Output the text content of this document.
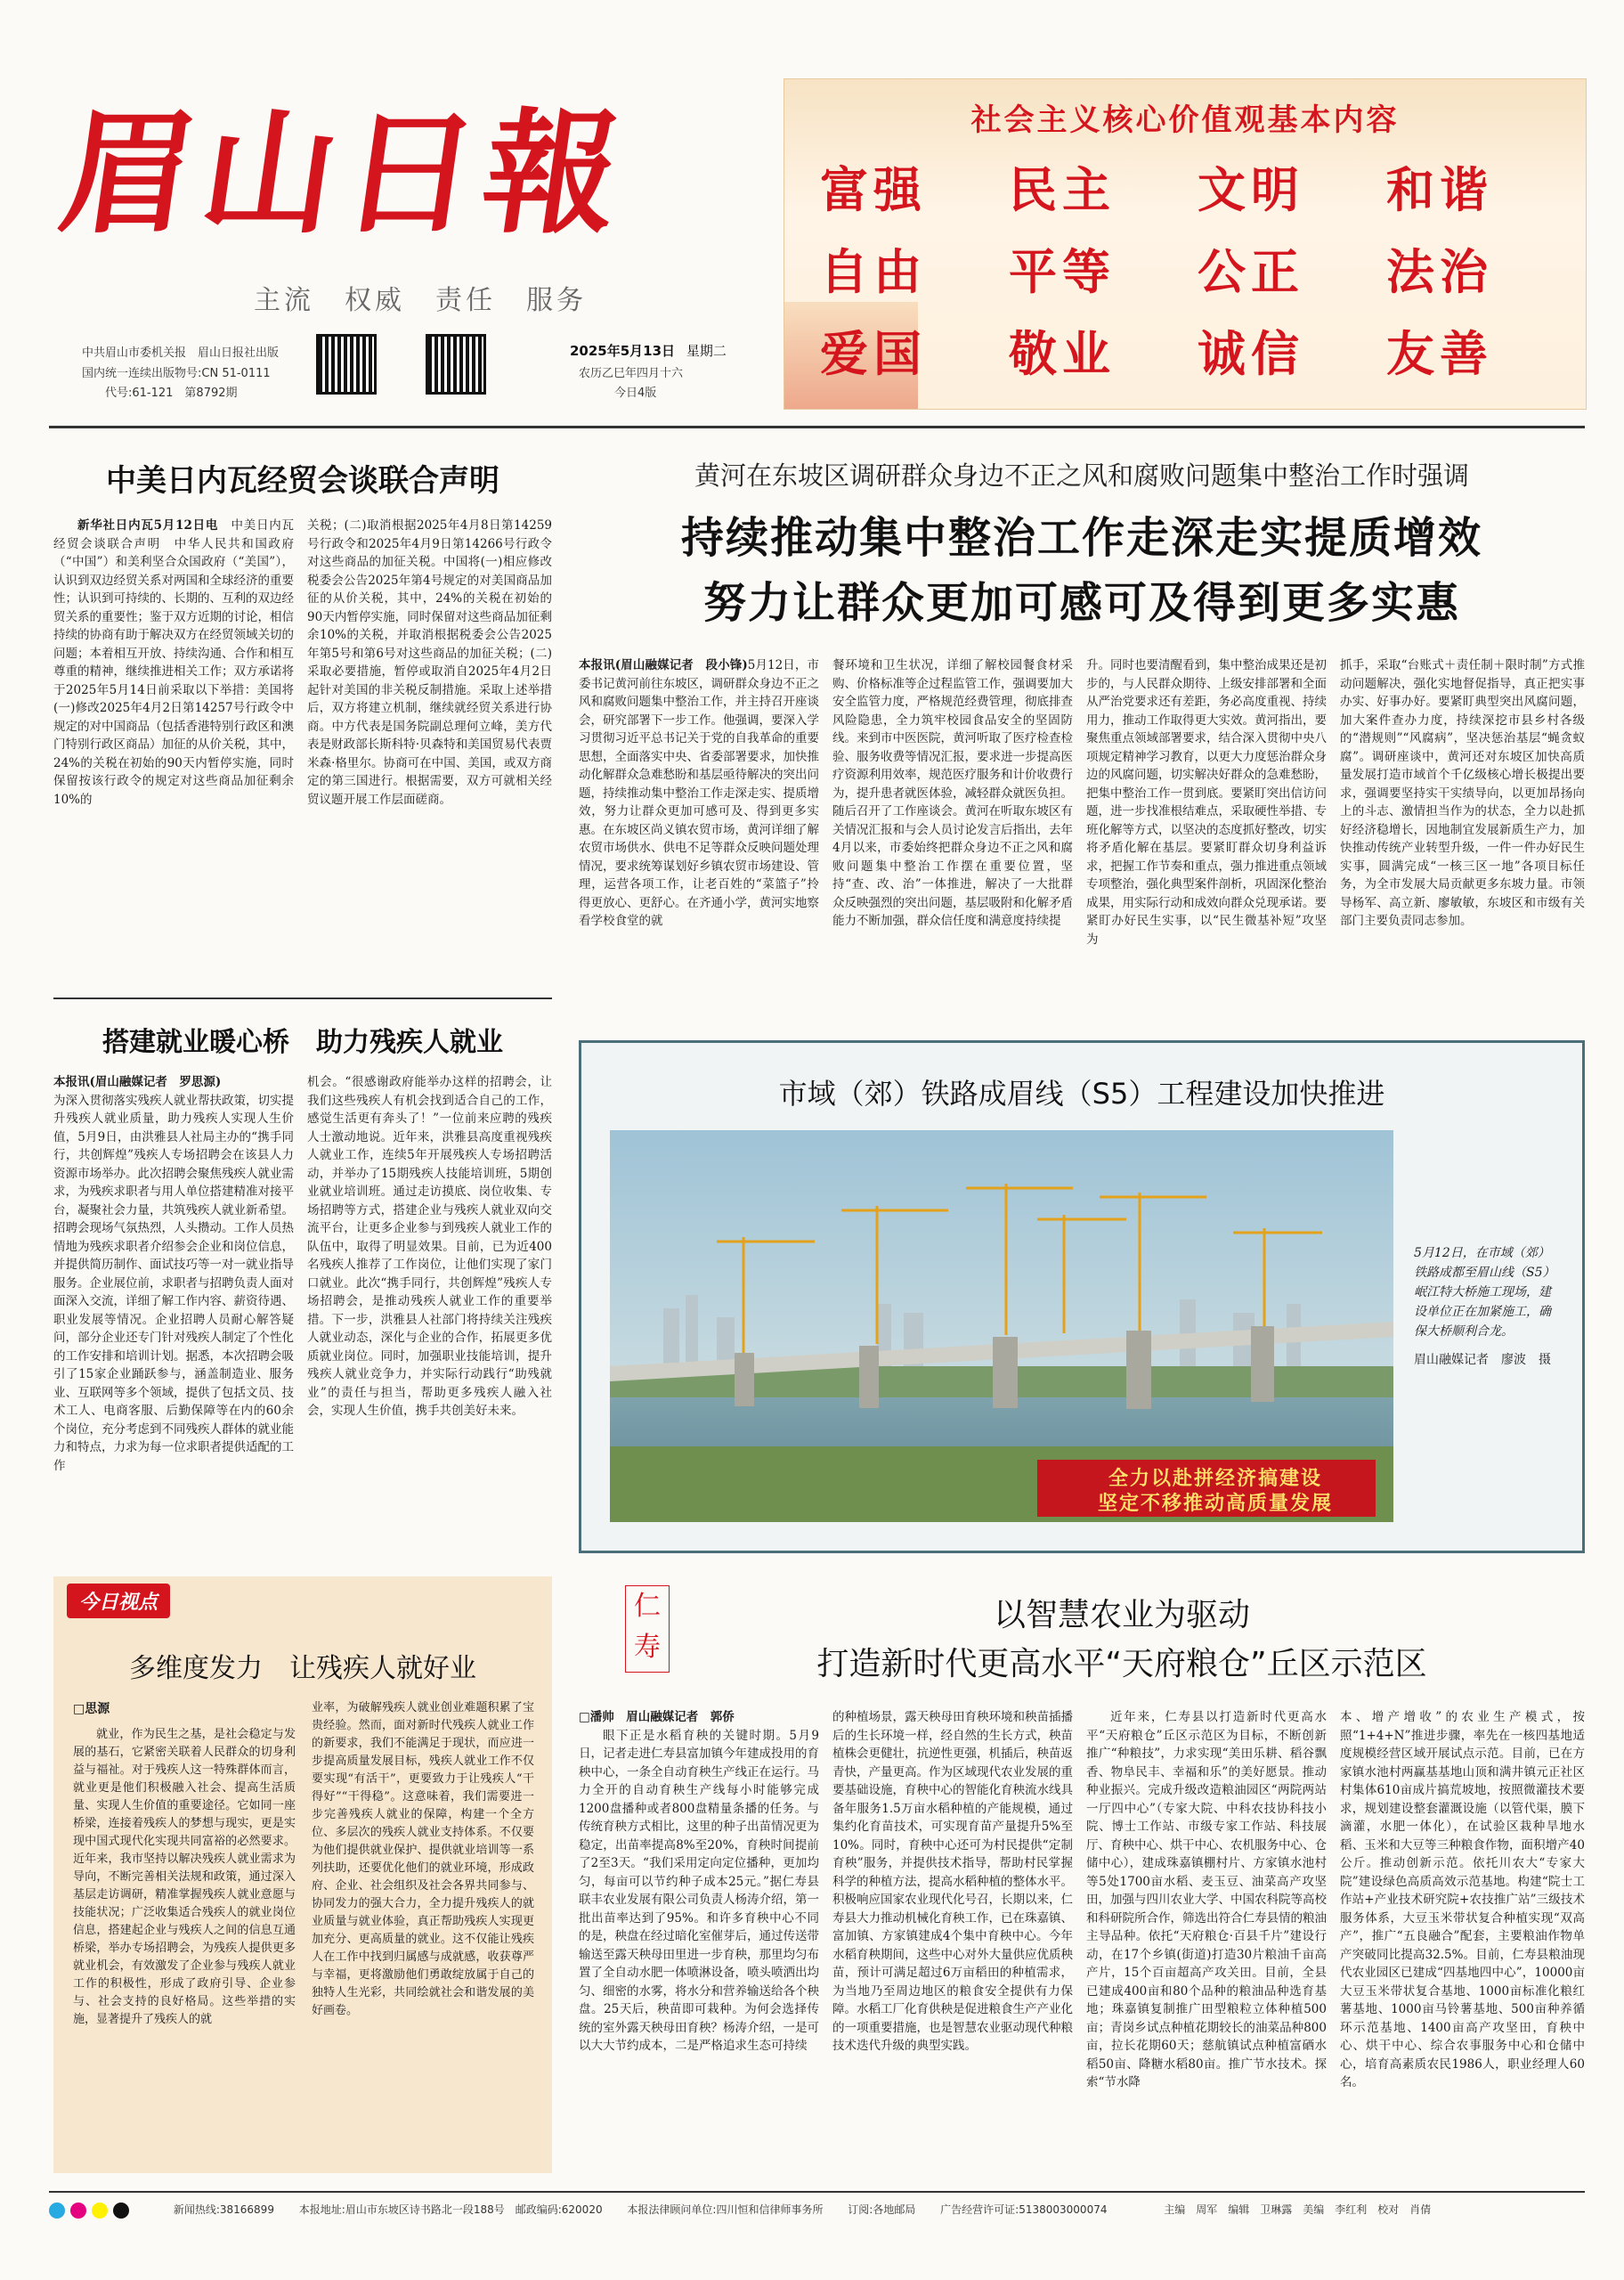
眉山日報
主流　权威　责任　服务
中共眉山市委机关报　眉山日报社出版
国内统一连续出版物号:CN 51-0111
代号:61-121　第8792期
2025年5月13日 星期二
农历乙巳年四月十六
今日4版
社会主义核心价值观基本内容
富强 民主 文明 和谐
自由 平等 公正 法治
爱国 敬业 诚信 友善
中美日内瓦经贸会谈联合声明

新华社日内瓦5月12日电　 中美日内瓦经贸会谈联合声明　中华人民共和国政府（“中国”）和美利坚合众国政府（“美国”），认识到双边经贸关系对两国和全球经济的重要性；认识到可持续的、长期的、互利的双边经贸关系的重要性；鉴于双方近期的讨论，相信持续的协商有助于解决双方在经贸领域关切的问题；本着相互开放、持续沟通、合作和相互尊重的精神，继续推进相关工作；双方承诺将于2025年5月14日前采取以下举措：美国将(一)修改2025年4月2日第14257号行政令中规定的对中国商品（包括香港特别行政区和澳门特别行政区商品）加征的从价关税，其中，24%的关税在初始的90天内暂停实施，同时保留按该行政令的规定对这些商品加征剩余10%的

关税；(二)取消根据2025年4月8日第14259号行政令和2025年4月9日第14266号行政令对这些商品的加征关税。中国将(一)相应修改税委会公告2025年第4号规定的对美国商品加征的从价关税，其中，24%的关税在初始的90天内暂停实施，同时保留对这些商品加征剩余10%的关税，并取消根据税委会公告2025年第5号和第6号对这些商品的加征关税；(二)采取必要措施，暂停或取消自2025年4月2日起针对美国的非关税反制措施。采取上述举措后，双方将建立机制，继续就经贸关系进行协商。中方代表是国务院副总理何立峰，美方代表是财政部长斯科特·贝森特和美国贸易代表贾米森·格里尔。协商可在中国、美国，或双方商定的第三国进行。根据需要，双方可就相关经贸议题开展工作层面磋商。

搭建就业暖心桥　助力残疾人就业

本报讯(眉山融媒记者　罗思源)

为深入贯彻落实残疾人就业帮扶政策，切实提升残疾人就业质量，助力残疾人实现人生价值，5月9日，由洪雅县人社局主办的“携手同行，共创辉煌”残疾人专场招聘会在该县人力资源市场举办。此次招聘会聚焦残疾人就业需求，为残疾求职者与用人单位搭建精准对接平台，凝聚社会力量，共筑残疾人就业新希望。招聘会现场气氛热烈，人头攒动。工作人员热情地为残疾求职者介绍参会企业和岗位信息，并提供简历制作、面试技巧等一对一就业指导服务。企业展位前，求职者与招聘负责人面对面深入交流，详细了解工作内容、薪资待遇、职业发展等情况。企业招聘人员耐心解答疑问，部分企业还专门针对残疾人制定了个性化的工作安排和培训计划。据悉，本次招聘会吸引了15家企业踊跃参与，涵盖制造业、服务业、互联网等多个领域，提供了包括文员、技术工人、电商客服、后勤保障等在内的60余个岗位，充分考虑到不同残疾人群体的就业能力和特点，力求为每一位求职者提供适配的工作

机会。“很感谢政府能举办这样的招聘会，让我们这些残疾人有机会找到适合自己的工作，感觉生活更有奔头了！”一位前来应聘的残疾人士激动地说。近年来，洪雅县高度重视残疾人就业工作，连续5年开展残疾人专场招聘活动，并举办了15期残疾人技能培训班，5期创业就业培训班。通过走访摸底、岗位收集、专场招聘等方式，搭建企业与残疾人就业双向交流平台，让更多企业参与到残疾人就业工作的队伍中，取得了明显效果。目前，已为近400名残疾人推荐了工作岗位，让他们实现了家门口就业。此次“携手同行，共创辉煌”残疾人专场招聘会，是推动残疾人就业工作的重要举措。下一步，洪雅县人社部门将持续关注残疾人就业动态，深化与企业的合作，拓展更多优质就业岗位。同时，加强职业技能培训，提升残疾人就业竞争力，并实际行动践行“助残就业”的责任与担当，帮助更多残疾人融入社会，实现人生价值，携手共创美好未来。

黄河在东坡区调研群众身边不正之风和腐败问题集中整治工作时强调
持续推动集中整治工作走深走实提质增效
努力让群众更加可感可及得到更多实惠

本报讯(眉山融媒记者　段小锋)5月12日，市委书记黄河前往东坡区，调研群众身边不正之风和腐败问题集中整治工作，并主持召开座谈会，研究部署下一步工作。他强调，要深入学习贯彻习近平总书记关于党的自我革命的重要思想，全面落实中央、省委部署要求，加快推动化解群众急难愁盼和基层亟待解决的突出问题，持续推动集中整治工作走深走实、提质增效，努力让群众更加可感可及、得到更多实惠。在东坡区尚义镇农贸市场，黄河详细了解农贸市场供水、供电不足等群众反映问题处理情况，要求统筹谋划好乡镇农贸市场建设、管理，运营各项工作，让老百姓的“菜篮子”拎得更放心、更舒心。在齐通小学，黄河实地察看学校食堂的就

餐环境和卫生状况，详细了解校园餐食材采购、价格标准等企过程监管工作，强调要加大安全监管力度，严格规范经费管理，彻底排查风险隐患，全力筑牢校园食品安全的坚固防线。来到市中医医院，黄河听取了医疗检查检验、服务收费等情况汇报，要求进一步提高医疗资源利用效率，规范医疗服务和计价收费行为，提升患者就医体验，减轻群众就医负担。随后召开了工作座谈会。黄河在听取东坡区有关情况汇报和与会人员讨论发言后指出，去年4月以来，市委始终把群众身边不正之风和腐败问题集中整治工作摆在重要位置，坚持“查、改、治”一体推进，解决了一大批群众反映强烈的突出问题，基层吸附和化解矛盾能力不断加强，群众信任度和满意度持续提

升。同时也要清醒看到，集中整治成果还是初步的，与人民群众期待、上级安排部署和全面从严治党要求还有差距，务必高度重视、持续用力，推动工作取得更大实效。黄河指出，要聚焦重点领域部署要求，结合深入贯彻中央八项规定精神学习教育，以更大力度惩治群众身边的风腐问题，切实解决好群众的急难愁盼，把集中整治工作一贯到底。要紧盯突出信访问题，进一步找准根结难点，采取硬性举措、专班化解等方式，以坚决的态度抓好整改，切实将矛盾化解在基层。要紧盯群众切身利益诉求，把握工作节奏和重点，强力推进重点领域专项整治，强化典型案件剖析，巩固深化整治成果，用实际行动和成效向群众兑现承诺。要紧盯办好民生实事，以“民生微基补短”攻坚为

抓手，采取“台账式＋责任制＋限时制”方式推动问题解决，强化实地督促指导，真正把实事办实、好事办好。要紧盯典型突出风腐问题，加大案件查办力度，持续深挖市县乡村各级的“潜规则”“风腐病”，坚决惩治基层“蝇贪蚁腐”。调研座谈中，黄河还对东坡区加快高质量发展打造市域首个千亿级核心增长极提出要求，强调要坚持实干实绩导向，以更加昂扬向上的斗志、激情担当作为的状态，全力以赴抓好经济稳增长，因地制宜发展新质生产力，加快推动传统产业转型升级，一件一件办好民生实事，圆满完成“一核三区一地”各项目标任务，为全市发展大局贡献更多东坡力量。市领导杨军、高立新、廖敏敏，东坡区和市级有关部门主要负责同志参加。

市域（郊）铁路成眉线（S5）工程建设加快推进
全力以赴拼经济搞建设
坚定不移推动高质量发展
5月12日，在市域（郊）铁路成都至眉山线（S5）岷江特大桥施工现场，建设单位正在加紧施工，确保大桥顺利合龙。
眉山融媒记者　廖波　摄
今日视点
多维度发力　让残疾人就好业
□思源

就业，作为民生之基，是社会稳定与发展的基石，它紧密关联着人民群众的切身利益与福祉。对于残疾人这一特殊群体而言，就业更是他们积极融入社会、提高生活质量、实现人生价值的重要途径。它如同一座桥梁，连接着残疾人的梦想与现实，更是实现中国式现代化实现共同富裕的必然要求。近年来，我市坚持以解决残疾人就业需求为导向，不断完善相关法规和政策，通过深入基层走访调研，精准掌握残疾人就业意愿与技能状况；广泛收集适合残疾人的就业岗位信息，搭建起企业与残疾人之间的信息互通桥梁，举办专场招聘会，为残疾人提供更多就业机会，有效激发了企业参与残疾人就业工作的积极性，形成了政府引导、企业参与、社会支持的良好格局。这些举措的实施，显著提升了残疾人的就

业率，为破解残疾人就业创业难题积累了宝贵经验。然而，面对新时代残疾人就业工作的新要求，我们不能满足于现状，而应进一步提高质量发展目标，残疾人就业工作不仅要实现“有活干”，更要致力于让残疾人“干得好”“干得稳”。这意味着，我们需要进一步完善残疾人就业的保障，构建一个全方位、多层次的残疾人就业支持体系。不仅要为他们提供就业保护、提供就业培训等一系列扶助，还要优化他们的就业环境，形成政府、企业、社会组织及社会各界共同参与、协同发力的强大合力，全力提升残疾人的就业质量与就业体验，真正帮助残疾人实现更加充分、更高质量的就业。这不仅能让残疾人在工作中找到归属感与成就感，收获尊严与幸福，更将激励他们勇敢绽放属于自己的独特人生光彩，共同绘就社会和谐发展的美好画卷。

仁
寿
以智慧农业为驱动
打造新时代更高水平“天府粮仓”丘区示范区

□潘帅　眉山融媒记者　郭侨

眼下正是水稻育秧的关键时期。5月9日，记者走进仁寿县富加镇今年建成投用的育秧中心，一条全自动育秧生产线正在运行。马力全开的自动育秧生产线每小时能够完成1200盘播种或者800盘精量条播的任务。与传统育秧方式相比，这里的种子出苗情况更为稳定，出苗率提高8%至20%，育秧时间提前了2至3天。“我们采用定向定位播种，更加均匀，每亩可以节约种子成本25元。”据仁寿县联丰农业发展有限公司负责人杨涛介绍，第一批出苗率达到了95%。和许多育秧中心不同的是，秧盘在经过暗化室催芽后，通过传送带输送至露天秧母田里进一步育秧，那里均匀布置了全自动水肥一体喷淋设备，喷头喷洒出均匀、细密的水雾，将水分和营养输送给各个秧盘。25天后，秧苗即可栽种。为何会选择传统的室外露天秧母田育秧？杨涛介绍，一是可以大大节约成本，二是严格追求生态可持续

的种植场景，露天秧母田育秧环境和秧苗插播后的生长环境一样，经自然的生长方式，秧苗植株会更健壮，抗逆性更强，机插后，秧苗返青快，产量更高。作为区域现代农业发展的重要基础设施，育秧中心的智能化育秧流水线具备年服务1.5万亩水稻种植的产能规模，通过集约化育苗技术，可实现育苗产量提升5%至10%。同时，育秧中心还可为村民提供“定制育秧”服务，并提供技术指导，帮助村民掌握科学的种植方法，提高水稻种植的整体水平。积极响应国家农业现代化号召，长期以来，仁寿县大力推动机械化育秧工作，已在珠嘉镇、富加镇、方家镇建成4个集中育秧中心。今年水稻育秧期间，这些中心对外大量供应优质秧苗，预计可满足超过6万亩稻田的种植需求，为当地乃至周边地区的粮食安全提供有力保障。水稻工厂化育供秧是促进粮食生产产业化的一项重要措施，也是智慧农业驱动现代种粮技术迭代升级的典型实践。

近年来，仁寿县以打造新时代更高水平“天府粮仓”丘区示范区为目标，不断创新推广“种粮技”，力求实现“美田乐耕、稻谷飘香、物阜民丰、幸福和乐”的美好愿景。推动种业振兴。完成升级改造粮油园区“两院两站一厅四中心”（专家大院、中科农技协科技小院、博士工作站、市级专家工作站、科技展厅、育秧中心、烘干中心、农机服务中心、仓储中心），建成珠嘉镇棚村片、方家镇水池村等5处1700亩水稻、麦玉豆、油菜高产攻坚田，加强与四川农业大学、中国农科院等高校和科研院所合作，筛选出符合仁寿县情的粮油主导品种。依托“天府粮仓·百县千片”建设行动，在17个乡镇(街道)打造30片粮油千亩高产片，15个百亩超高产攻关田。目前，全县已建成400亩和80个品种的粮油品种选育基地；珠嘉镇复制推广田型粮粒立体种植500亩；青岗乡试点种植花期较长的油菜品种800亩，拉长花期60天；慈航镇试点种植富硒水稻50亩、降糖水稻80亩。推广节水技术。探索“节水降

本、增产增收”的农业生产模式，按照“1+4+N”推进步骤，率先在一核四基地适度规模经营区域开展试点示范。目前，已在方家镇水池村两赢基基地山顶和满井镇元正社区村集体610亩成片搞荒坡地，按照微灌技术要求，规划建设整套灌溉设施（以管代渠，膜下滴灌，水肥一体化），在试验区栽种旱地水稻、玉米和大豆等三种粮食作物，面积增产40公斤。推动创新示范。依托川农大“专家大院”建设绿色高质高效示范基地。构建“院士工作站+产业技术研究院+农技推广站”三级技术服务体系，大豆玉米带状复合种植实现“双高产”，推广“五良融合”配套，主要粮油作物单产突破同比提高32.5%。目前，仁寿县粮油现代农业园区已建成“四基地四中心”，10000亩大豆玉米带状复合基地、1000亩标准化粮红薯基地、1000亩马铃薯基地、500亩种养循环示范基地、1400亩高产攻坚田，育秧中心、烘干中心、综合农事服务中心和仓储中心，培育高素质农民1986人，职业经理人60名。

新闻热线:38166899 本报地址:眉山市东坡区诗书路北一段188号　邮政编码:620020 本报法律顾问单位:四川恒和信律师事务所 订阅:各地邮局 广告经营许可证:5138003000074	主编　周军　编辑　卫琳露　美编　李红利　校对　肖倩
